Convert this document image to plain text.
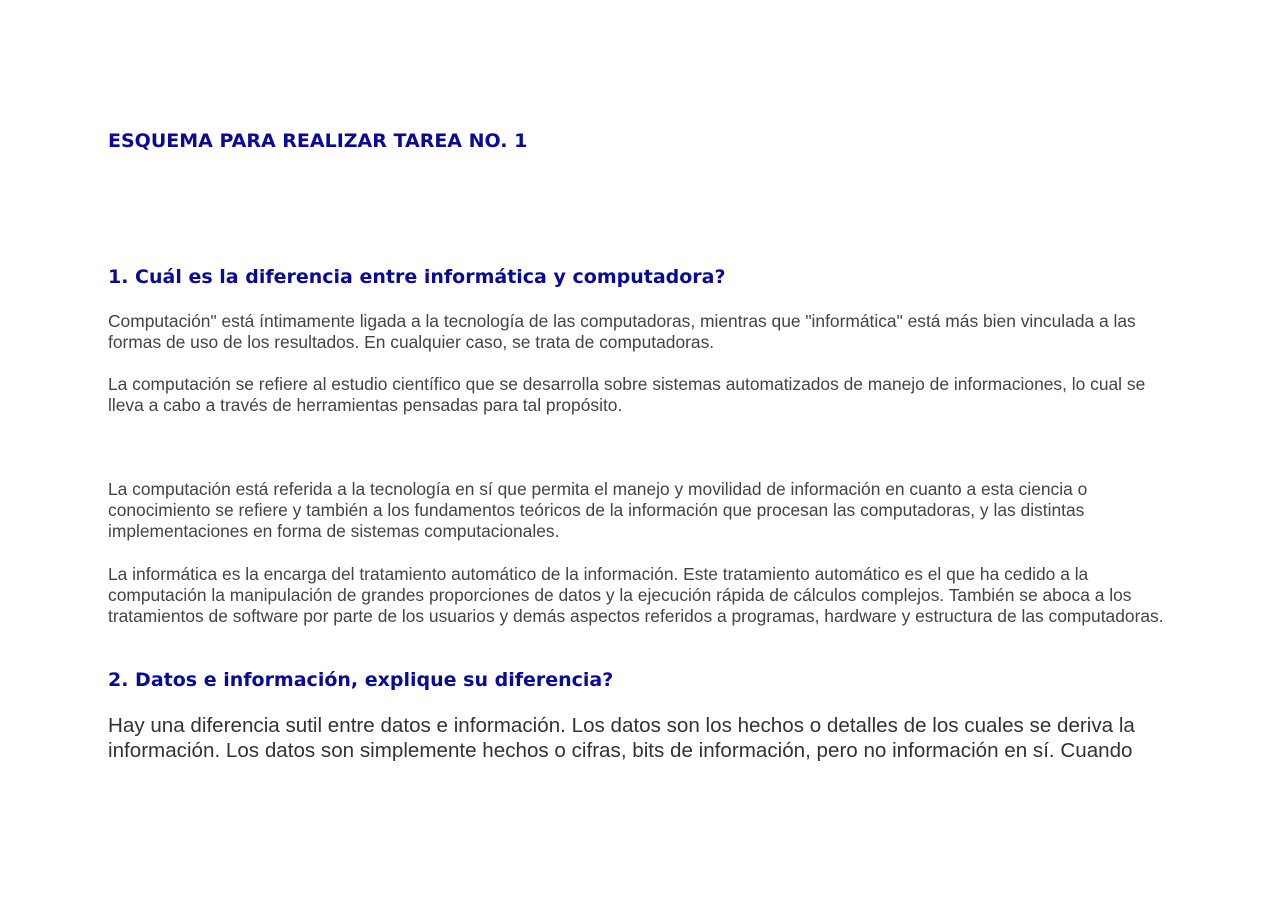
ESQUEMA PARA REALIZAR TAREA NO. 1
1. Cuál es la diferencia entre informática y computadora?

Computación" está íntimamente ligada a la tecnología de las computadoras, mientras que "informática" está más bien vinculada a las formas de uso de los resultados. En cualquier caso, se trata de computadoras.

La computación se refiere al estudio científico que se desarrolla sobre sistemas automatizados de manejo de informaciones, lo cual se lleva a cabo a través de herramientas pensadas para tal propósito.

La computación está referida a la tecnología en sí que permita el manejo y movilidad de información en cuanto a esta ciencia o conocimiento se refiere y también a los fundamentos teóricos de la información que procesan las computadoras, y las distintas implementaciones en forma de sistemas computacionales.

La informática es la encarga del tratamiento automático de la información. Este tratamiento automático es el que ha cedido a la computación la manipulación de grandes proporciones de datos y la ejecución rápida de cálculos complejos. También se aboca a los tratamientos de software por parte de los usuarios y demás aspectos referidos a programas, hardware y estructura de las computadoras.

2. Datos e información, explique su diferencia?

Hay una diferencia sutil entre datos e información. Los datos son los hechos o detalles de los cuales se deriva la información. Los datos son simplemente hechos o cifras, bits de información, pero no información en sí. Cuando
